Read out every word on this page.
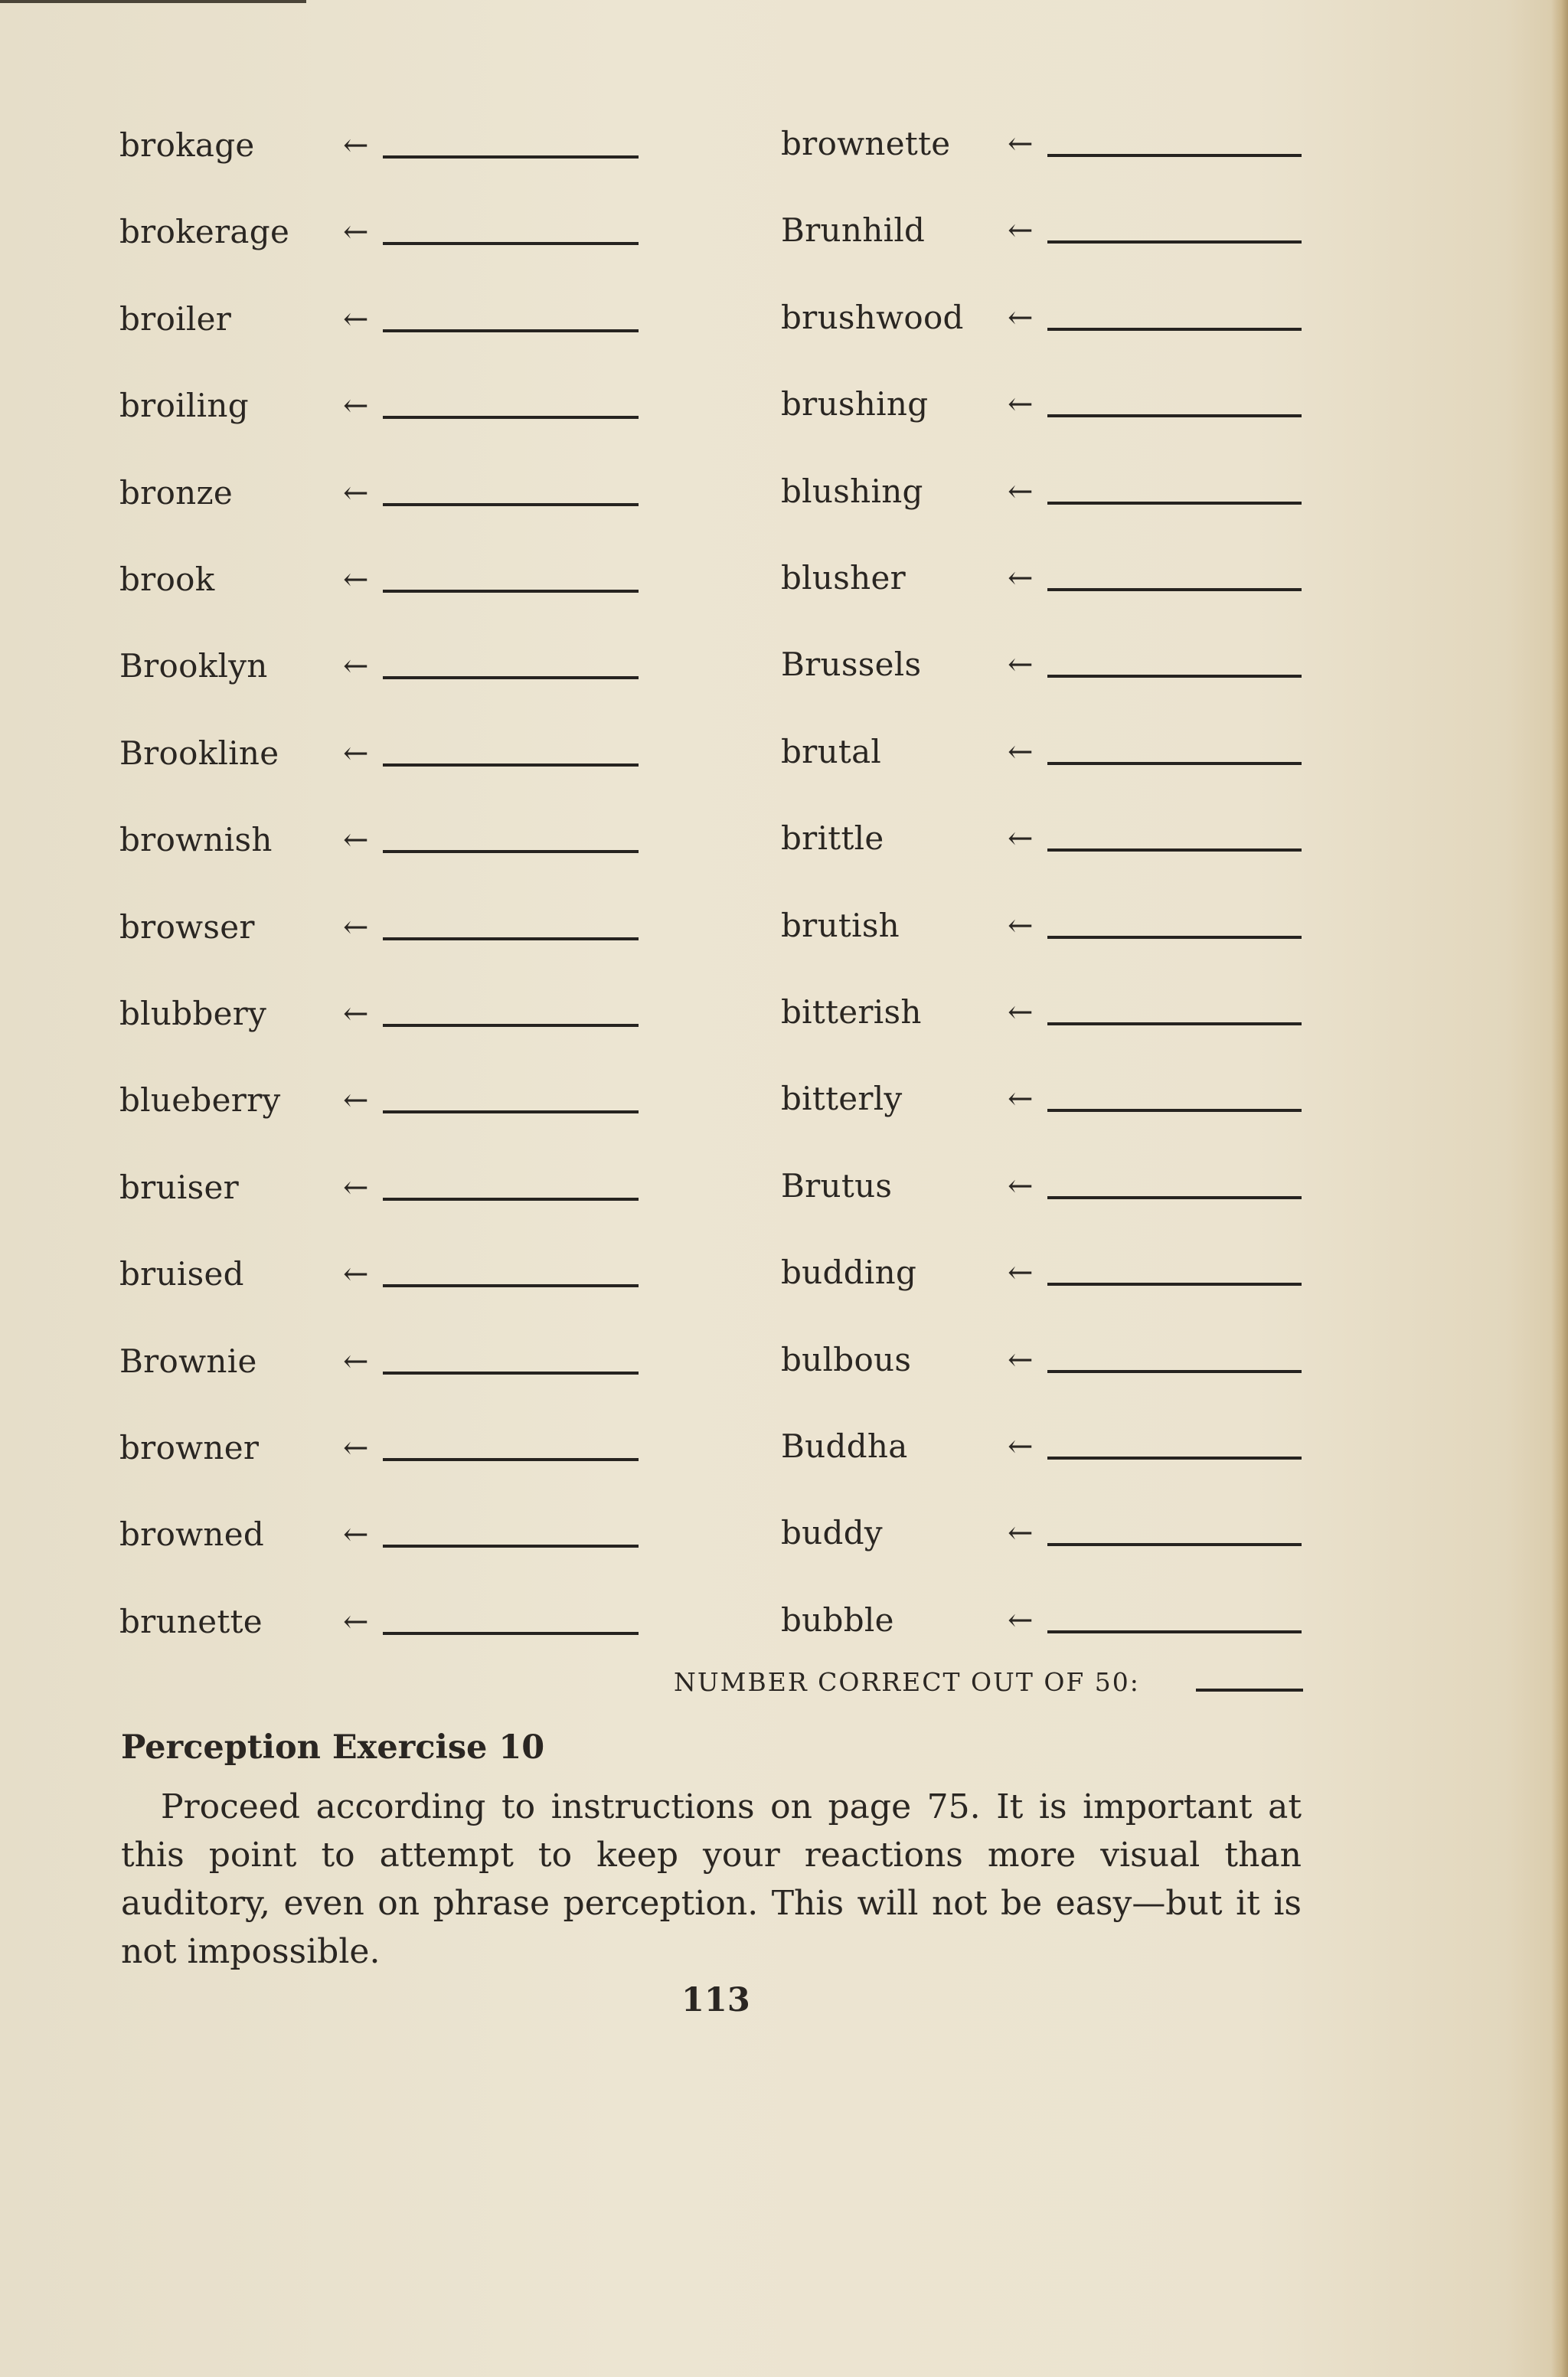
brokage	←
brokerage ←
broiler	←
broiling	←
bronze	←
brook	←
Brooklyn ←
Brookline ←
brownish ←
browser	←
blubbery ←
blueberry ←
bruiser	←
bruised	←
Brownie	←
browner	←
browned	←
brunette	←
brownette ←
Brunhild	←
brushwood ←
brushing	←
blushing	←
blusher	←
Brussels	←
brutal	←
brittle	←
brutish	←
bitterish	←
bitterly	←
Brutus	←
budding	←
bulbous	←
Buddha	←
buddy	←
bubble	←
NUMBER CORRECT OUT OF 50:
Perception Exercise 10
Proceed according to instructions on page 75. It is important at this point to attempt to keep your reactions more visual than auditory, even on phrase perception. This will not be easy—but it is not impossible.
113
